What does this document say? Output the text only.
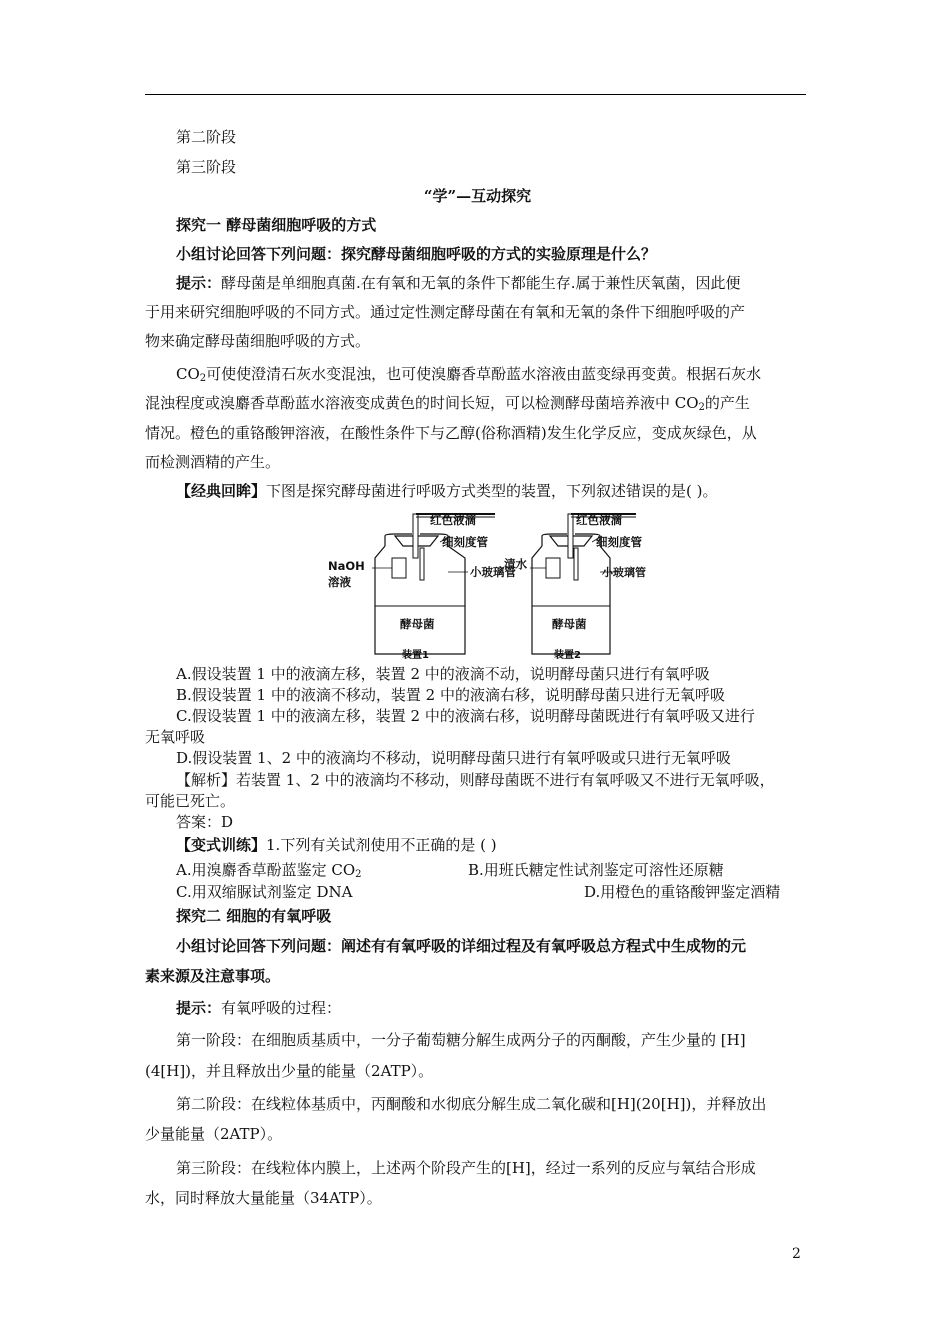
第二阶段
第三阶段
“学”—互动探究
探究一 酵母菌细胞呼吸的方式
小组讨论回答下列问题：探究酵母菌细胞呼吸的方式的实验原理是什么？
提示：酵母菌是单细胞真菌.在有氧和无氧的条件下都能生存.属于兼性厌氧菌，因此便
于用来研究细胞呼吸的不同方式。通过定性测定酵母菌在有氧和无氧的条件下细胞呼吸的产
物来确定酵母菌细胞呼吸的方式。
$CO_2$可使使澄清石灰水变混浊，也可使溴麝香草酚蓝水溶液由蓝变绿再变黄。根据石灰水
混浊程度或溴麝香草酚蓝水溶液变成黄色的时间长短，可以检测酵母菌培养液中 $CO_2$的产生
情况。橙色的重铬酸钾溶液，在酸性条件下与乙醇(俗称酒精)发生化学反应，变成灰绿色，从
而检测酒精的产生。
【经典回眸】下图是探究酵母菌进行呼吸方式类型的装置，下列叙述错误的是( )。
红色液滴
细刻度管
NaOH
溶液
小玻璃管
酵母菌
装置1
红色液滴
细刻度管
清水
小玻璃管
酵母菌
装置2
A.假设装置 1 中的液滴左移，装置 2 中的液滴不动，说明酵母菌只进行有氧呼吸
B.假设装置 1 中的液滴不移动，装置 2 中的液滴右移，说明酵母菌只进行无氧呼吸
C.假设装置 1 中的液滴左移，装置 2 中的液滴右移，说明酵母菌既进行有氧呼吸又进行
无氧呼吸
D.假设装置 1、2 中的液滴均不移动，说明酵母菌只进行有氧呼吸或只进行无氧呼吸
【解析】若装置 1、2 中的液滴均不移动，则酵母菌既不进行有氧呼吸又不进行无氧呼吸，
可能已死亡。
答案：D
【变式训练】1.下列有关试剂使用不正确的是 ( )
A.用溴麝香草酚蓝鉴定 $CO_2$	B.用班氏糖定性试剂鉴定可溶性还原糖
C.用双缩脲试剂鉴定 DNA	D.用橙色的重铬酸钾鉴定酒精
探究二 细胞的有氧呼吸
小组讨论回答下列问题：阐述有有氧呼吸的详细过程及有氧呼吸总方程式中生成物的元
素来源及注意事项。
提示：有氧呼吸的过程：
第一阶段：在细胞质基质中，一分子葡萄糖分解生成两分子的丙酮酸，产生少量的 [H]
(4[H])，并且释放出少量的能量（2ATP）。
第二阶段：在线粒体基质中，丙酮酸和水彻底分解生成二氧化碳和[H](20[H])，并释放出
少量能量（2ATP）。
第三阶段：在线粒体内膜上，上述两个阶段产生的[H]，经过一系列的反应与氧结合形成
水，同时释放大量能量（34ATP）。
2
